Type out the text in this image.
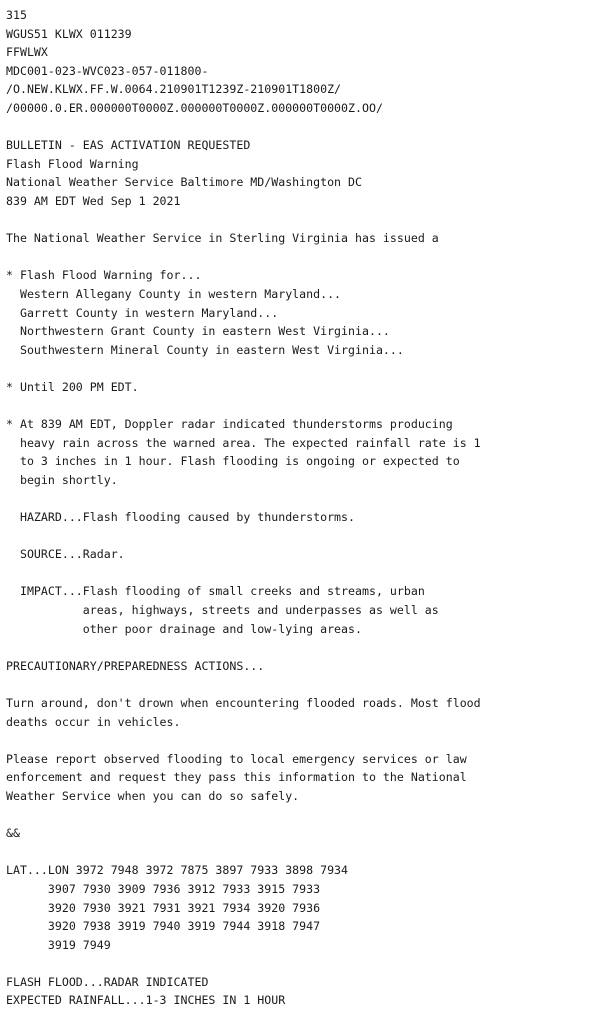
315
WGUS51 KLWX 011239
FFWLWX
MDC001-023-WVC023-057-011800-
/O.NEW.KLWX.FF.W.0064.210901T1239Z-210901T1800Z/
/00000.0.ER.000000T0000Z.000000T0000Z.000000T0000Z.OO/
BULLETIN - EAS ACTIVATION REQUESTED
Flash Flood Warning
National Weather Service Baltimore MD/Washington DC
839 AM EDT Wed Sep 1 2021
The National Weather Service in Sterling Virginia has issued a
* Flash Flood Warning for...
Western Allegany County in western Maryland...
Garrett County in western Maryland...
Northwestern Grant County in eastern West Virginia...
Southwestern Mineral County in eastern West Virginia...
* Until 200 PM EDT.
* At 839 AM EDT, Doppler radar indicated thunderstorms producing
heavy rain across the warned area. The expected rainfall rate is 1
to 3 inches in 1 hour. Flash flooding is ongoing or expected to
begin shortly.
HAZARD...Flash flooding caused by thunderstorms.
SOURCE...Radar.
IMPACT...Flash flooding of small creeks and streams, urban
areas, highways, streets and underpasses as well as
other poor drainage and low-lying areas.
PRECAUTIONARY/PREPAREDNESS ACTIONS...
Turn around, don't drown when encountering flooded roads. Most flood
deaths occur in vehicles.
Please report observed flooding to local emergency services or law
enforcement and request they pass this information to the National
Weather Service when you can do so safely.
&&
LAT...LON 3972 7948 3972 7875 3897 7933 3898 7934
3907 7930 3909 7936 3912 7933 3915 7933
3920 7930 3921 7931 3921 7934 3920 7936
3920 7938 3919 7940 3919 7944 3918 7947
3919 7949
FLASH FLOOD...RADAR INDICATED
EXPECTED RAINFALL...1-3 INCHES IN 1 HOUR
